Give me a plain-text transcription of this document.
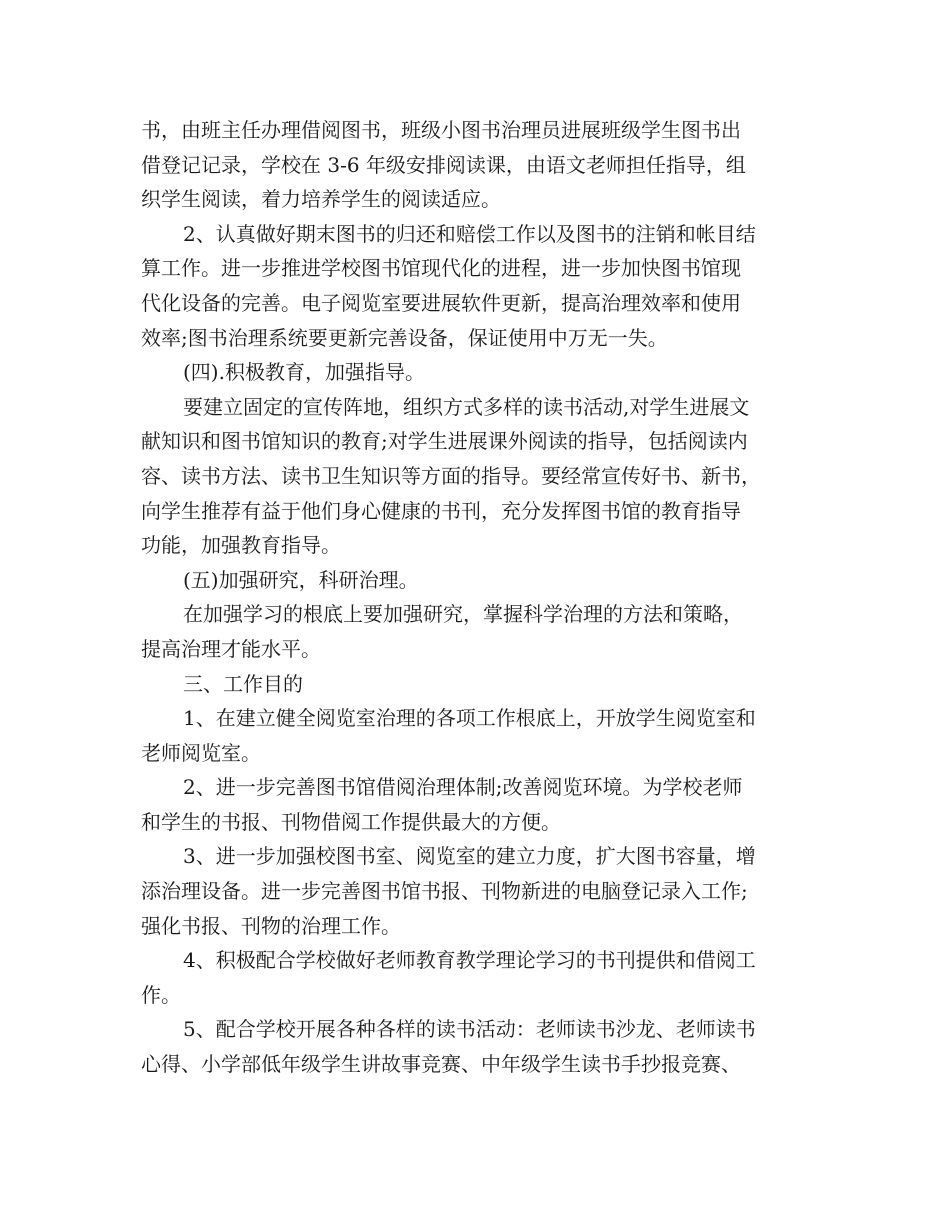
书，由班主任办理借阅图书，班级小图书治理员进展班级学生图书出
借登记记录，学校在 3-6 年级安排阅读课，由语文老师担任指导，组
织学生阅读，着力培养学生的阅读适应。
2、认真做好期末图书的归还和赔偿工作以及图书的注销和帐目结
算工作。进一步推进学校图书馆现代化的进程，进一步加快图书馆现
代化设备的完善。电子阅览室要进展软件更新，提高治理效率和使用
效率;图书治理系统要更新完善设备，保证使用中万无一失。
(四).积极教育，加强指导。
要建立固定的宣传阵地，组织方式多样的读书活动,对学生进展文
献知识和图书馆知识的教育;对学生进展课外阅读的指导，包括阅读内
容、读书方法、读书卫生知识等方面的指导。要经常宣传好书、新书，
向学生推荐有益于他们身心健康的书刊，充分发挥图书馆的教育指导
功能，加强教育指导。
(五)加强研究，科研治理。
在加强学习的根底上要加强研究，掌握科学治理的方法和策略，
提高治理才能水平。
三、工作目的
1、在建立健全阅览室治理的各项工作根底上，开放学生阅览室和
老师阅览室。
2、进一步完善图书馆借阅治理体制;改善阅览环境。为学校老师
和学生的书报、刊物借阅工作提供最大的方便。
3、进一步加强校图书室、阅览室的建立力度，扩大图书容量，增
添治理设备。进一步完善图书馆书报、刊物新进的电脑登记录入工作;
强化书报、刊物的治理工作。
4、积极配合学校做好老师教育教学理论学习的书刊提供和借阅工
作。
5、配合学校开展各种各样的读书活动：老师读书沙龙、老师读书
心得、小学部低年级学生讲故事竞赛、中年级学生读书手抄报竞赛、
